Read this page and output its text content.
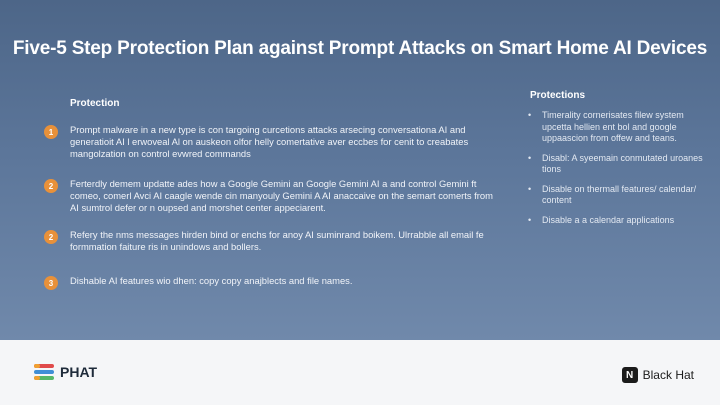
Five-5 Step Protection Plan against Prompt Attacks on Smart Home AI Devices
Protection
Protections
1	Prompt malware in a new type is con targoing curcetions attacks arsecing conversationa AI and generatioit AI l erwoveal Al on auskeon olfor helly comertative aver eccbes for cenit to creabates mangolzation on control evwred commands
2	Ferterdly demem updatte ades how a Google Gemini an Google Gemini AI a and control Gemini ft comeo, comerl Avci AI caagle wende cin manyouly Gemini A AI anaccaive on the semart comerts from AI sumtrol defer or n oupsed and morshet center appeciarent.
2	Refery the nms messages hirden bind or enchs for anoy AI suminrand boikem. Ulrrabble all email fe formmation faiture ris in unindows and bollers.
3	Dishable AI features wio dhen: copy copy anajblects and file names.
• Timerality cornerisates filew system upcetta hellien ent bol and google uppaascion from offew and teans.
• Disabl: A syeemain conmutated uroanes tions
• Disable on thermall features/ calendar/ content
• Disable a a calendar applications
PHAT	N Black Hat
